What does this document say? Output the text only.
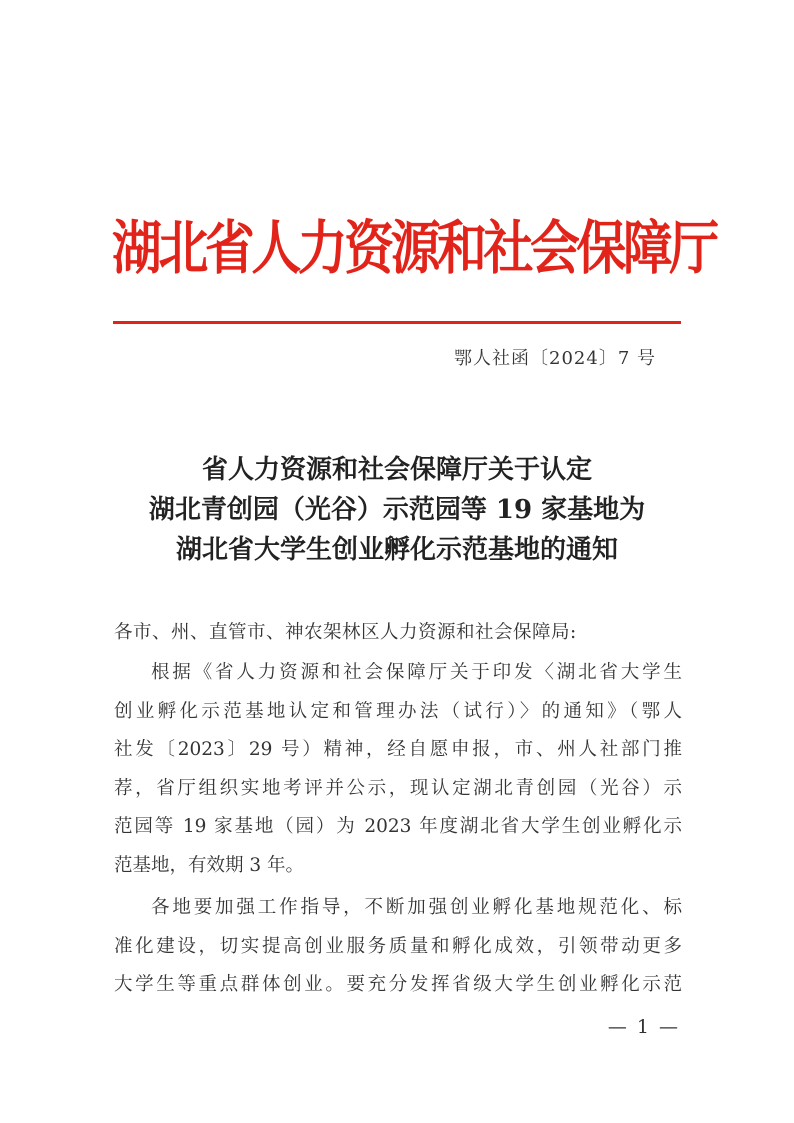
湖北省人力资源和社会保障厅
鄂人社函〔2024〕7 号
省人力资源和社会保障厅关于认定
湖北青创园（光谷）示范园等 19 家基地为
湖北省大学生创业孵化示范基地的通知
各市、州、直管市、神农架林区人力资源和社会保障局:
根据《省人力资源和社会保障厅关于印发〈湖北省大学生
创业孵化示范基地认定和管理办法（试行）〉的通知》（鄂人
社发〔2023〕29 号）精神，经自愿申报，市、州人社部门推
荐，省厅组织实地考评并公示，现认定湖北青创园（光谷）示
范园等 19 家基地（园）为 2023 年度湖北省大学生创业孵化示
范基地，有效期 3 年。
各地要加强工作指导，不断加强创业孵化基地规范化、标
准化建设，切实提高创业服务质量和孵化成效，引领带动更多
大学生等重点群体创业。要充分发挥省级大学生创业孵化示范
— 1 —
